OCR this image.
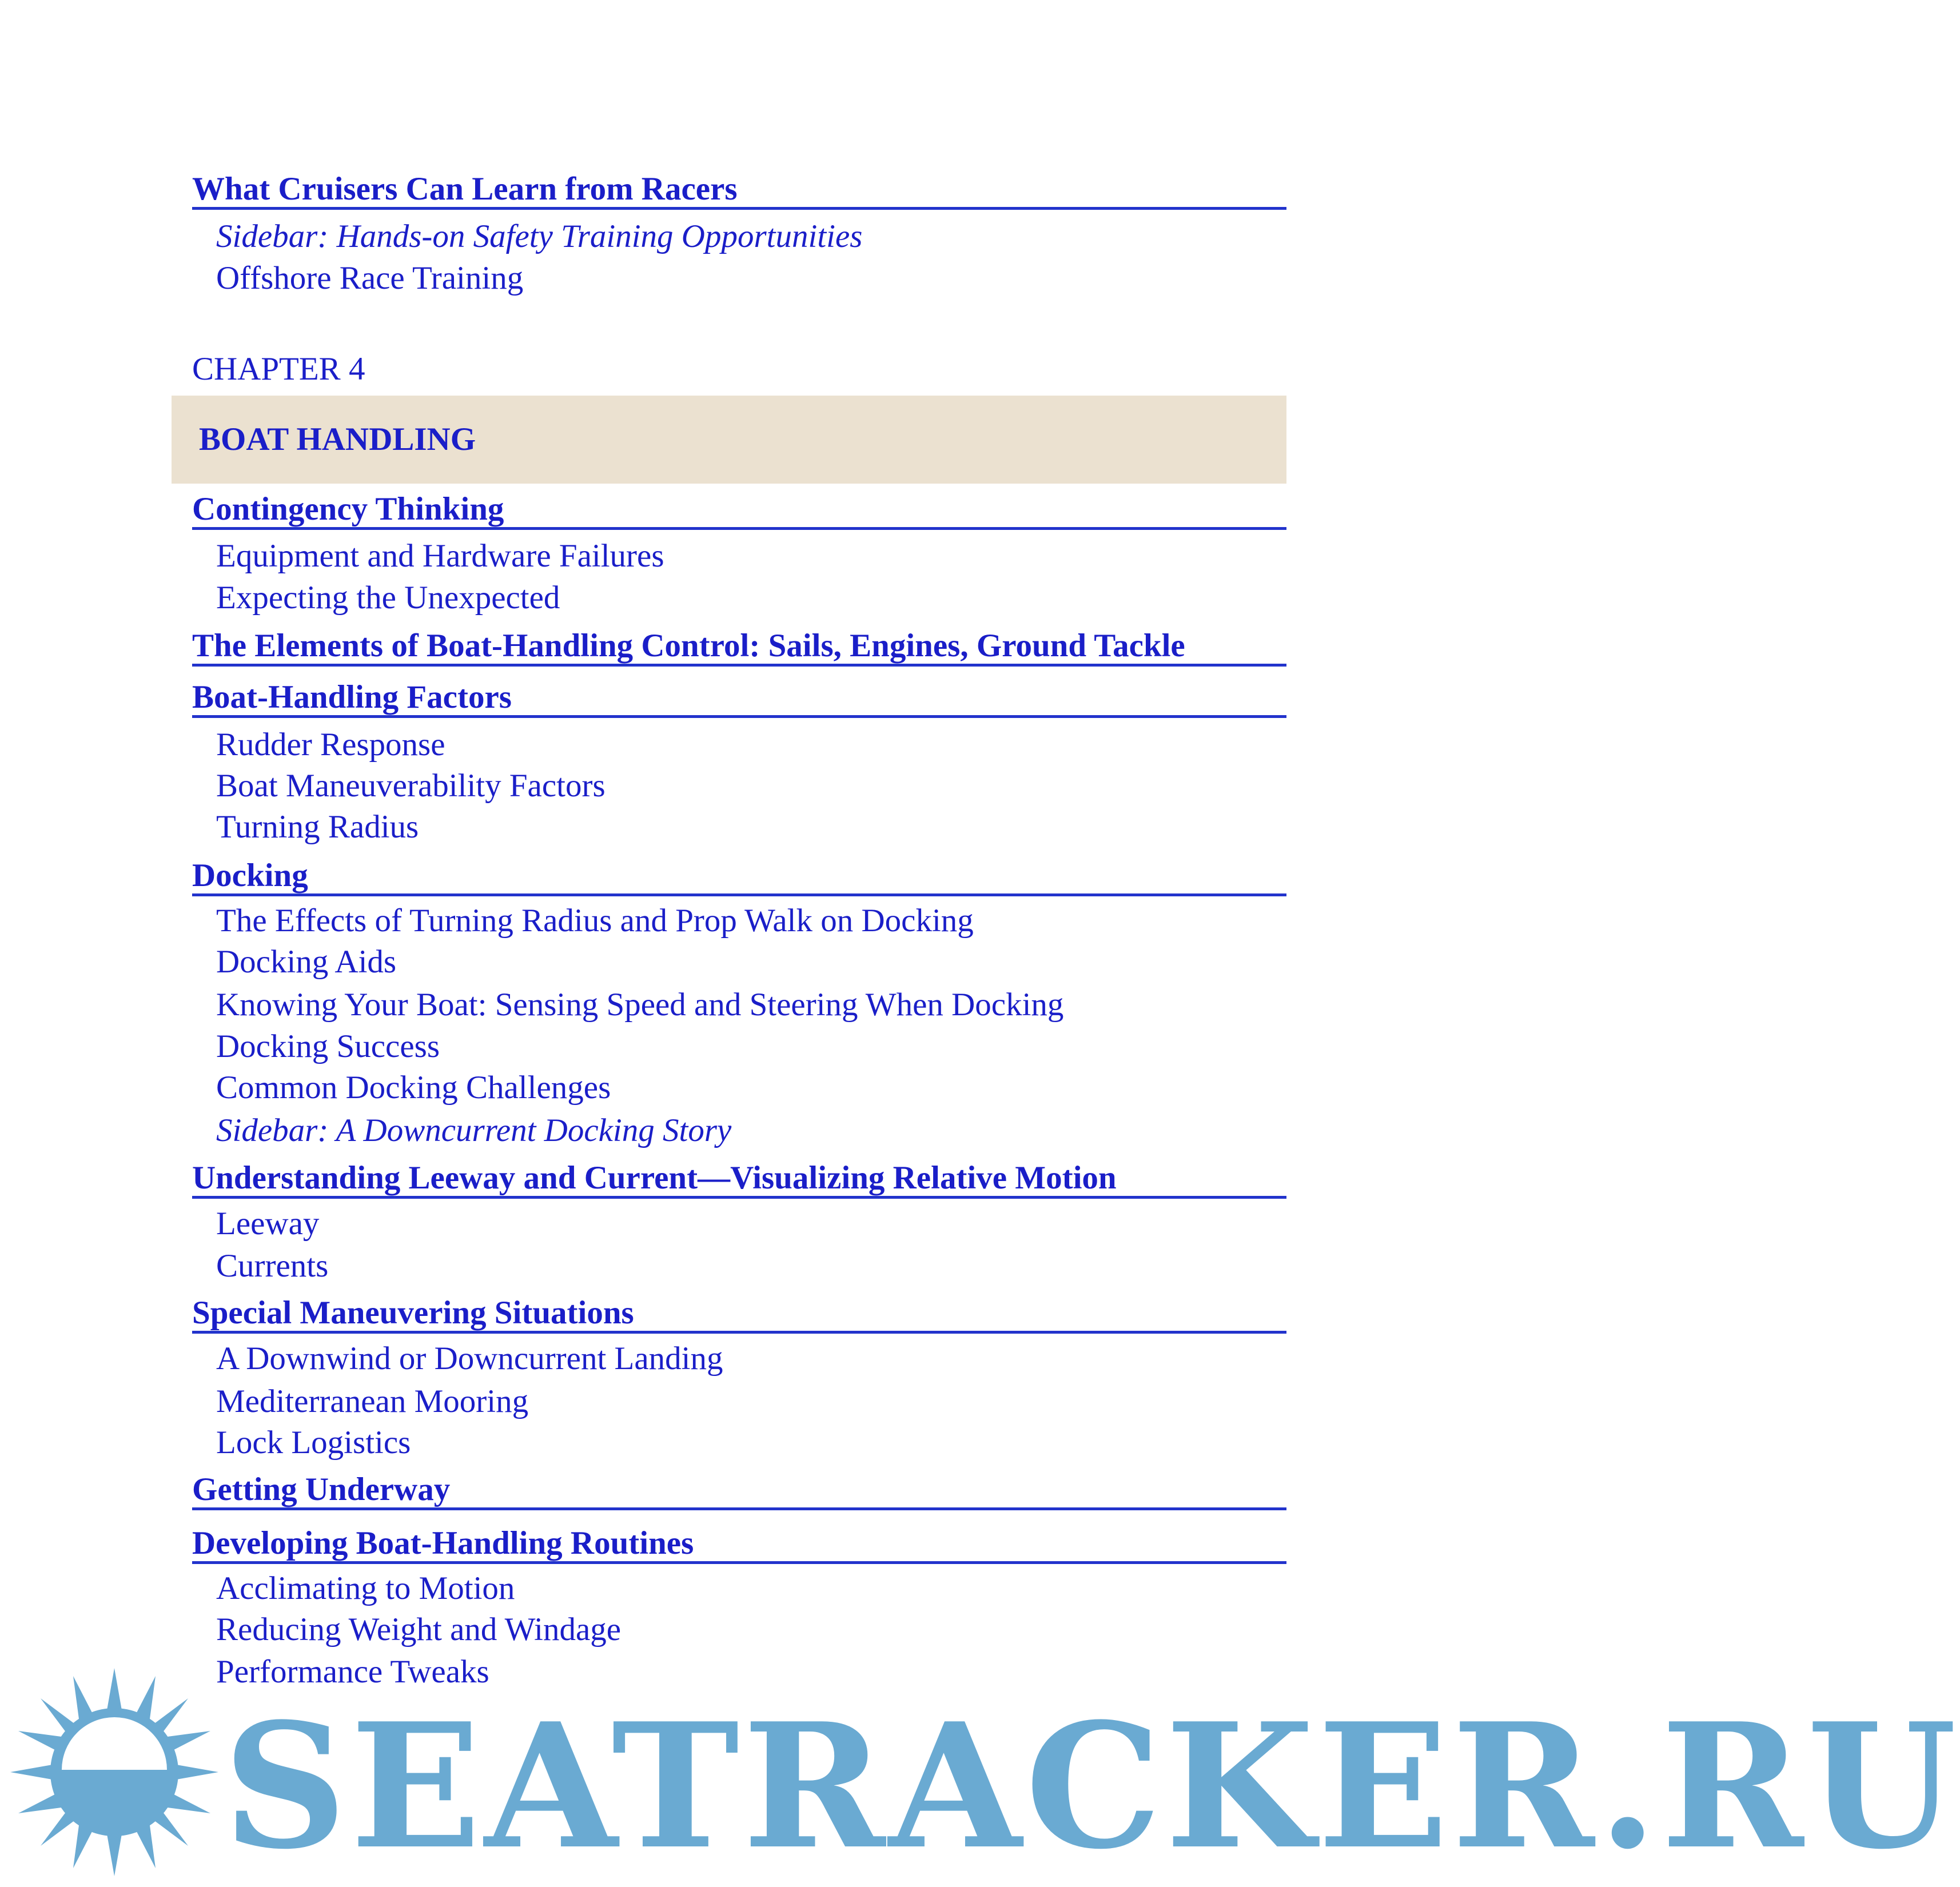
What Cruisers Can Learn from Racers
Sidebar: Hands-on Safety Training Opportunities
Offshore Race Training
CHAPTER 4
BOAT HANDLING
Contingency Thinking
Equipment and Hardware Failures
Expecting the Unexpected
The Elements of Boat-Handling Control: Sails, Engines, Ground Tackle
Boat-Handling Factors
Rudder Response
Boat Maneuverability Factors
Turning Radius
Docking
The Effects of Turning Radius and Prop Walk on Docking
Docking Aids
Knowing Your Boat: Sensing Speed and Steering When Docking
Docking Success
Common Docking Challenges
Sidebar: A Downcurrent Docking Story
Understanding Leeway and Current—Visualizing Relative Motion
Leeway
Currents
Special Maneuvering Situations
A Downwind or Downcurrent Landing
Mediterranean Mooring
Lock Logistics
Getting Underway
Developing Boat-Handling Routines
Acclimating to Motion
Reducing Weight and Windage
Performance Tweaks
SEATRACKER.RU
